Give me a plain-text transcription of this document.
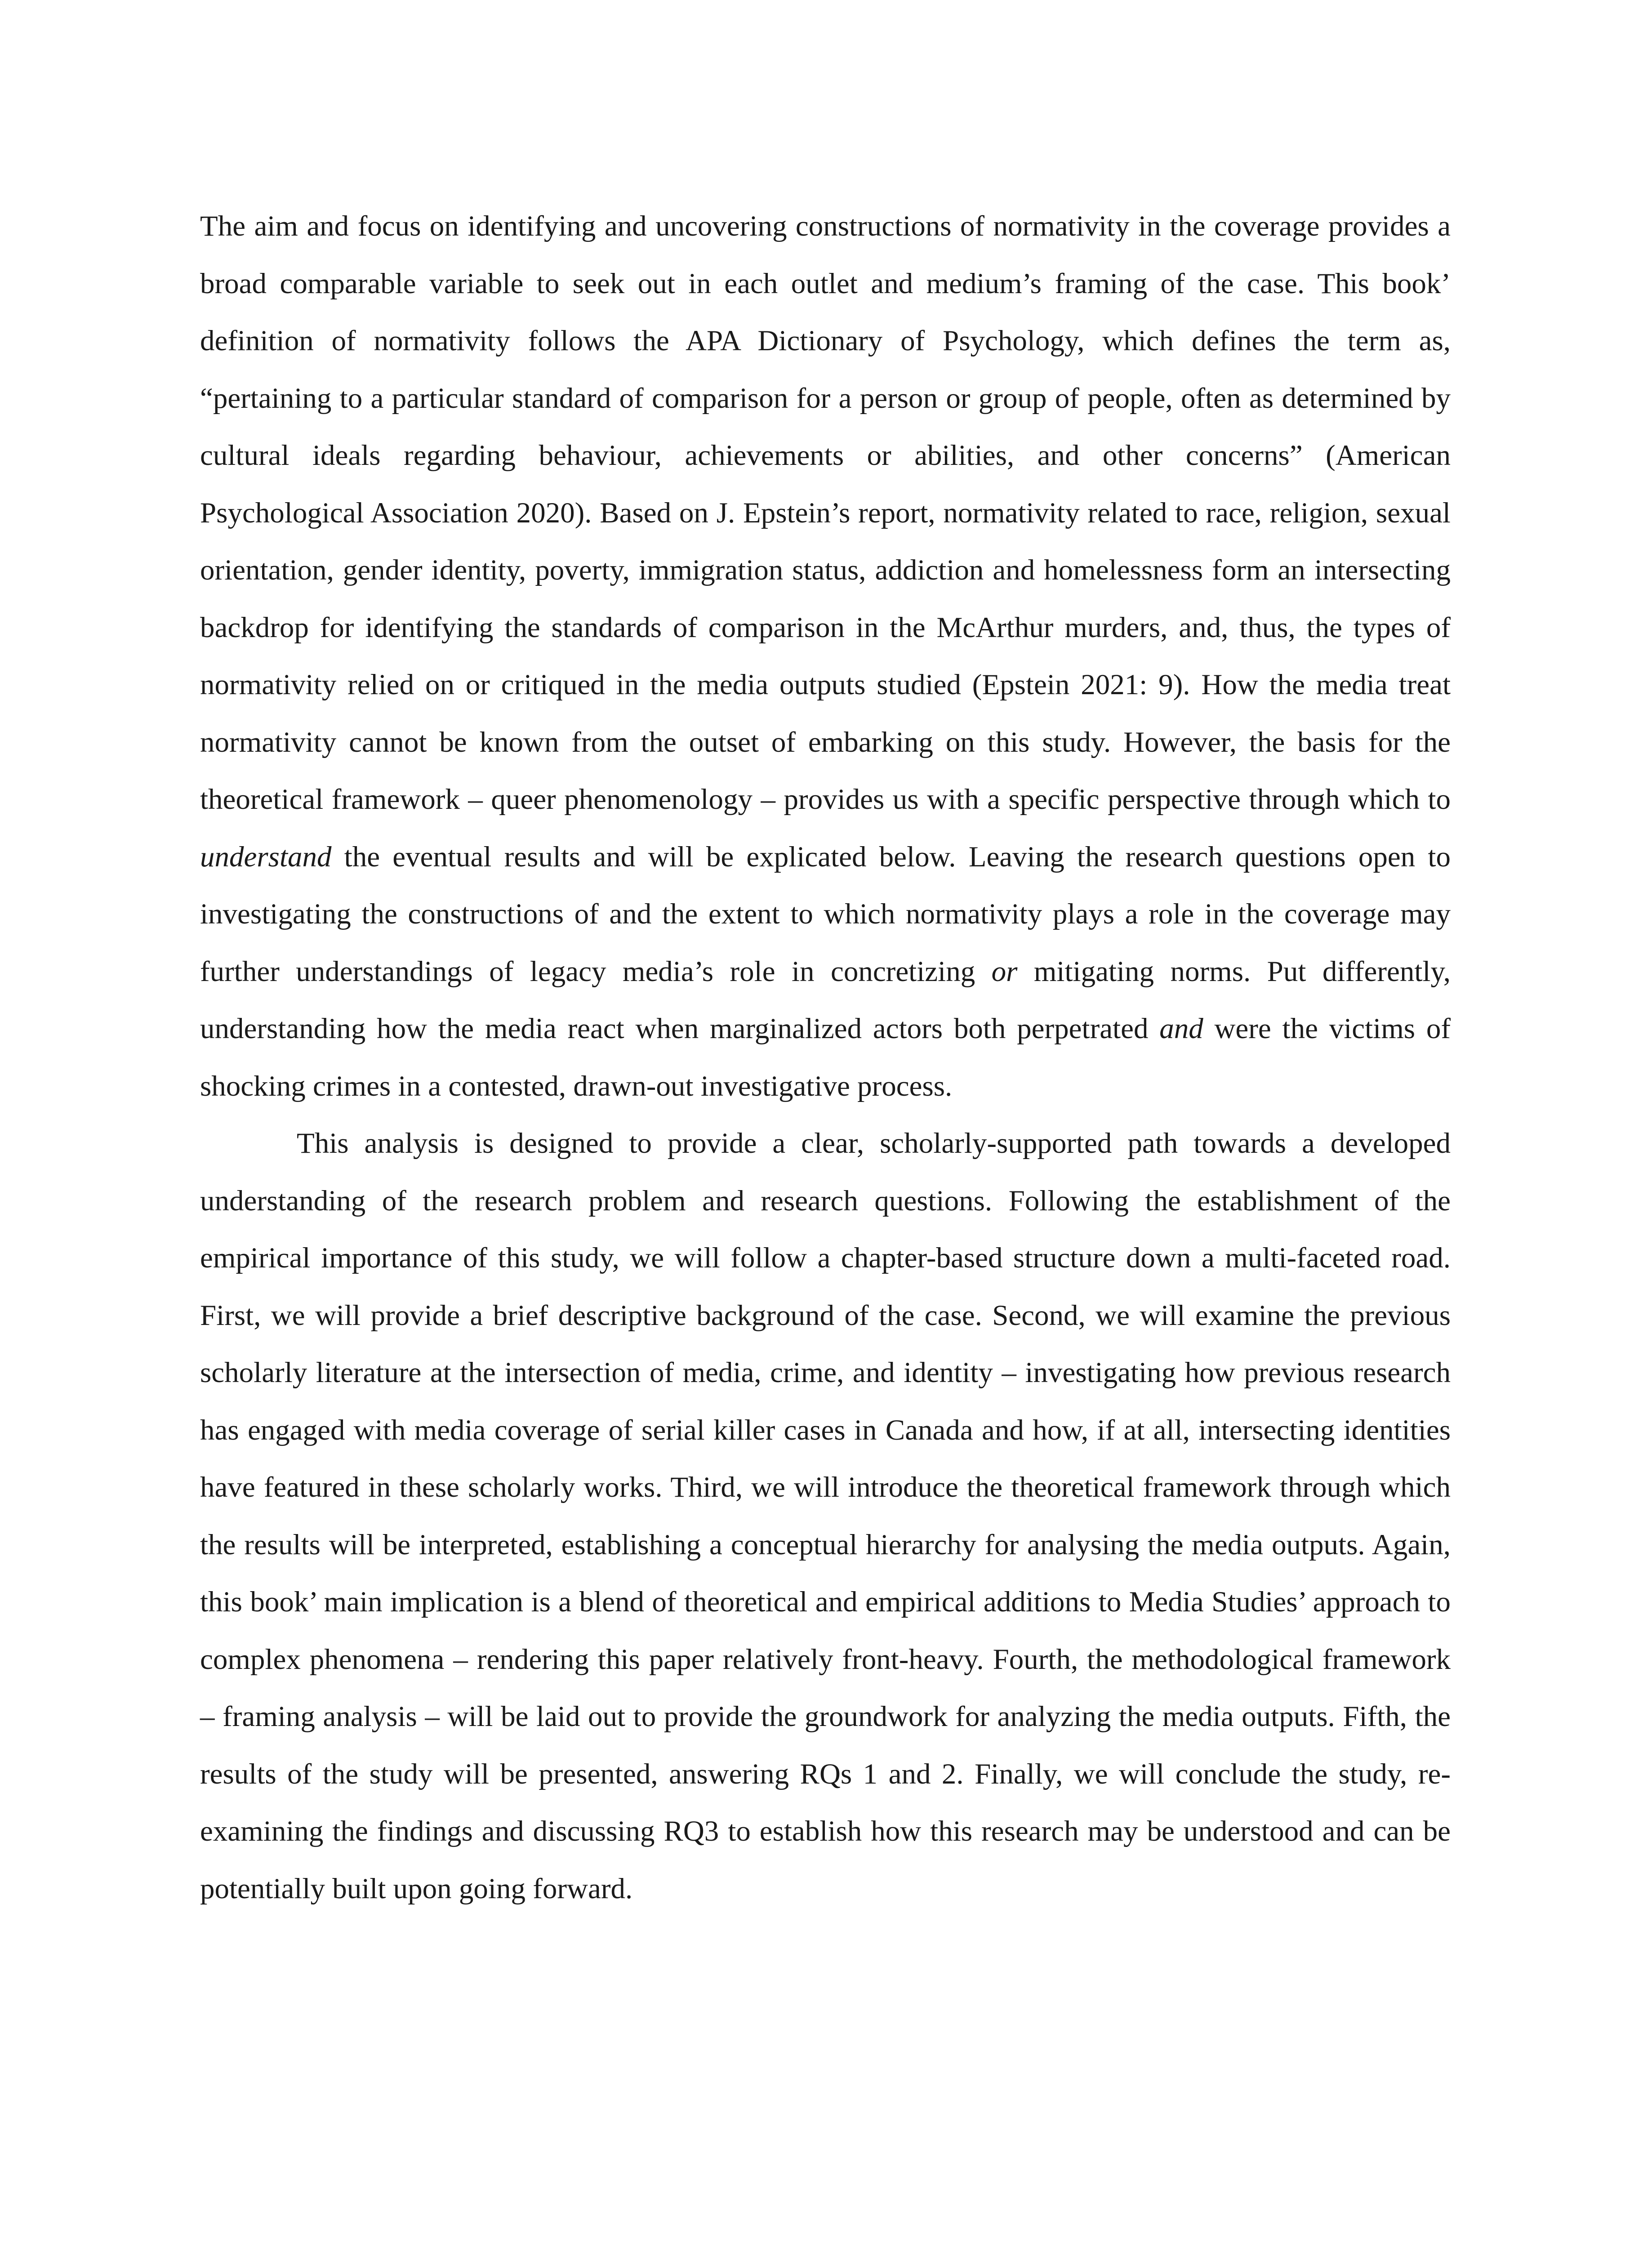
The aim and focus on identifying and uncovering constructions of normativity in the coverage provides a broad comparable variable to seek out in each outlet and medium’s framing of the case. This book’ definition of normativity follows the APA Dictionary of Psychology, which defines the term as, “pertaining to a particular standard of comparison for a person or group of people, often as determined by cultural ideals regarding behaviour, achievements or abilities, and other concerns” (American Psychological Association 2020). Based on J. Epstein’s report, normativity related to race, religion, sexual orientation, gender identity, poverty, immigration status, addiction and homelessness form an intersecting backdrop for identifying the standards of comparison in the McArthur murders, and, thus, the types of normativity relied on or critiqued in the media outputs studied (Epstein 2021: 9). How the media treat normativity cannot be known from the outset of embarking on this study. However, the basis for the theoretical framework – queer phenomenology – provides us with a specific perspective through which to understand the eventual results and will be explicated below. Leaving the research questions open to investigating the constructions of and the extent to which normativity plays a role in the coverage may further understandings of legacy media’s role in concretizing or mitigating norms. Put differently, understanding how the media react when marginalized actors both perpetrated and were the victims of shocking crimes in a contested, drawn-out investigative process.

This analysis is designed to provide a clear, scholarly-supported path towards a developed understanding of the research problem and research questions. Following the establishment of the empirical importance of this study, we will follow a chapter-based structure down a multi-faceted road. First, we will provide a brief descriptive background of the case. Second, we will examine the previous scholarly literature at the intersection of media, crime, and identity – investigating how previous research has engaged with media coverage of serial killer cases in Canada and how, if at all, intersecting identities have featured in these scholarly works. Third, we will introduce the theoretical framework through which the results will be interpreted, establishing a conceptual hierarchy for analysing the media outputs. Again, this book’ main implication is a blend of theoretical and empirical additions to Media Studies’ approach to complex phenomena – rendering this paper relatively front-heavy. Fourth, the methodological framework – framing analysis – will be laid out to provide the groundwork for analyzing the media outputs. Fifth, the results of the study will be presented, answering RQs 1 and 2. Finally, we will conclude the study, re-examining the findings and discussing RQ3 to establish how this research may be understood and can be potentially built upon going forward.
